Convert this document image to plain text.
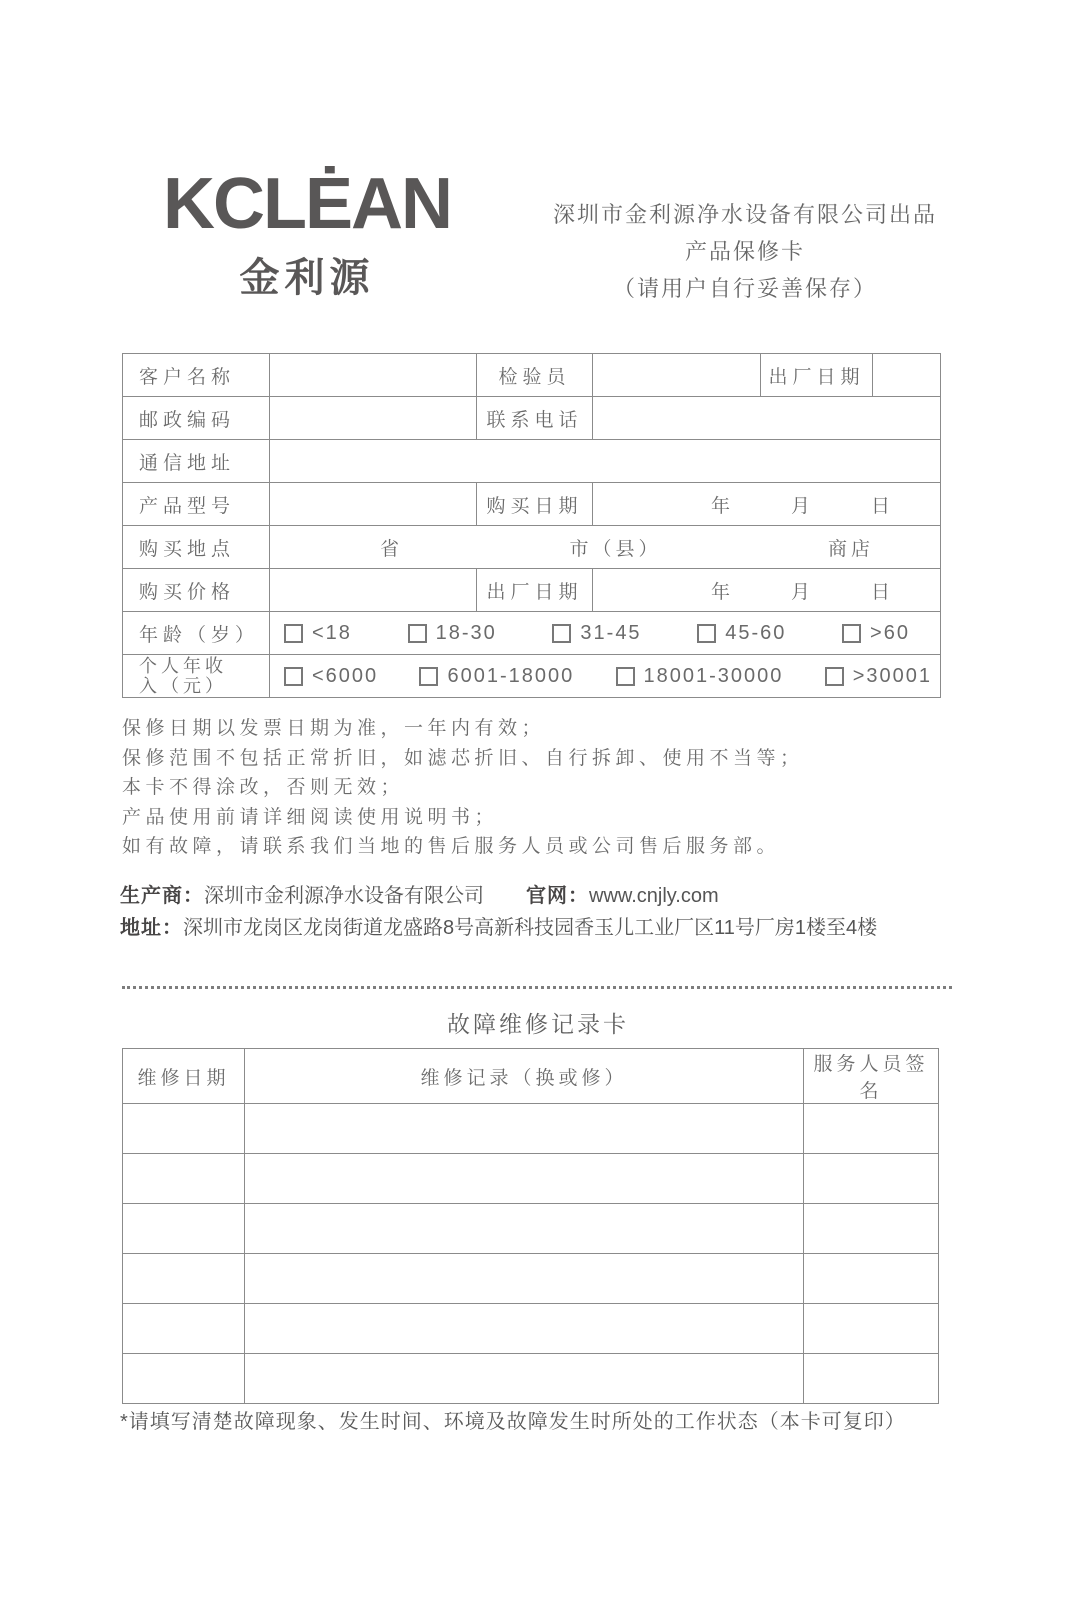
KCLĖAN
金利源
深圳市金利源净水设备有限公司出品
产品保修卡
（请用户自行妥善保存）
客户名称		检验员		出厂日期	
邮政编码		联系电话			
通信地址					
产品型号		购买日期	年 月 日		

购买地点	省 市（县） 商店				

购买价格		出厂日期	年 月 日		

年龄（岁）	<18 18-30 31-45 45-60 >60				

个人年收
入（元）	<6000	6001-18000	18001-30000	>30001
保修日期以发票日期为准，一年内有效；
保修范围不包括正常折旧，如滤芯折旧、自行拆卸、使用不当等；
本卡不得涂改，否则无效；
产品使用前请详细阅读使用说明书；
如有故障，请联系我们当地的售后服务人员或公司售后服务部。
生产商：深圳市金利源净水设备有限公司 官网：www.cnjly.com
地址：深圳市龙岗区龙岗街道龙盛路8号高新科技园香玉儿工业厂区11号厂房1楼至4楼
故障维修记录卡
维修日期	维修记录（换或修）	服务人员签名

*请填写清楚故障现象、发生时间、环境及故障发生时所处的工作状态（本卡可复印）
